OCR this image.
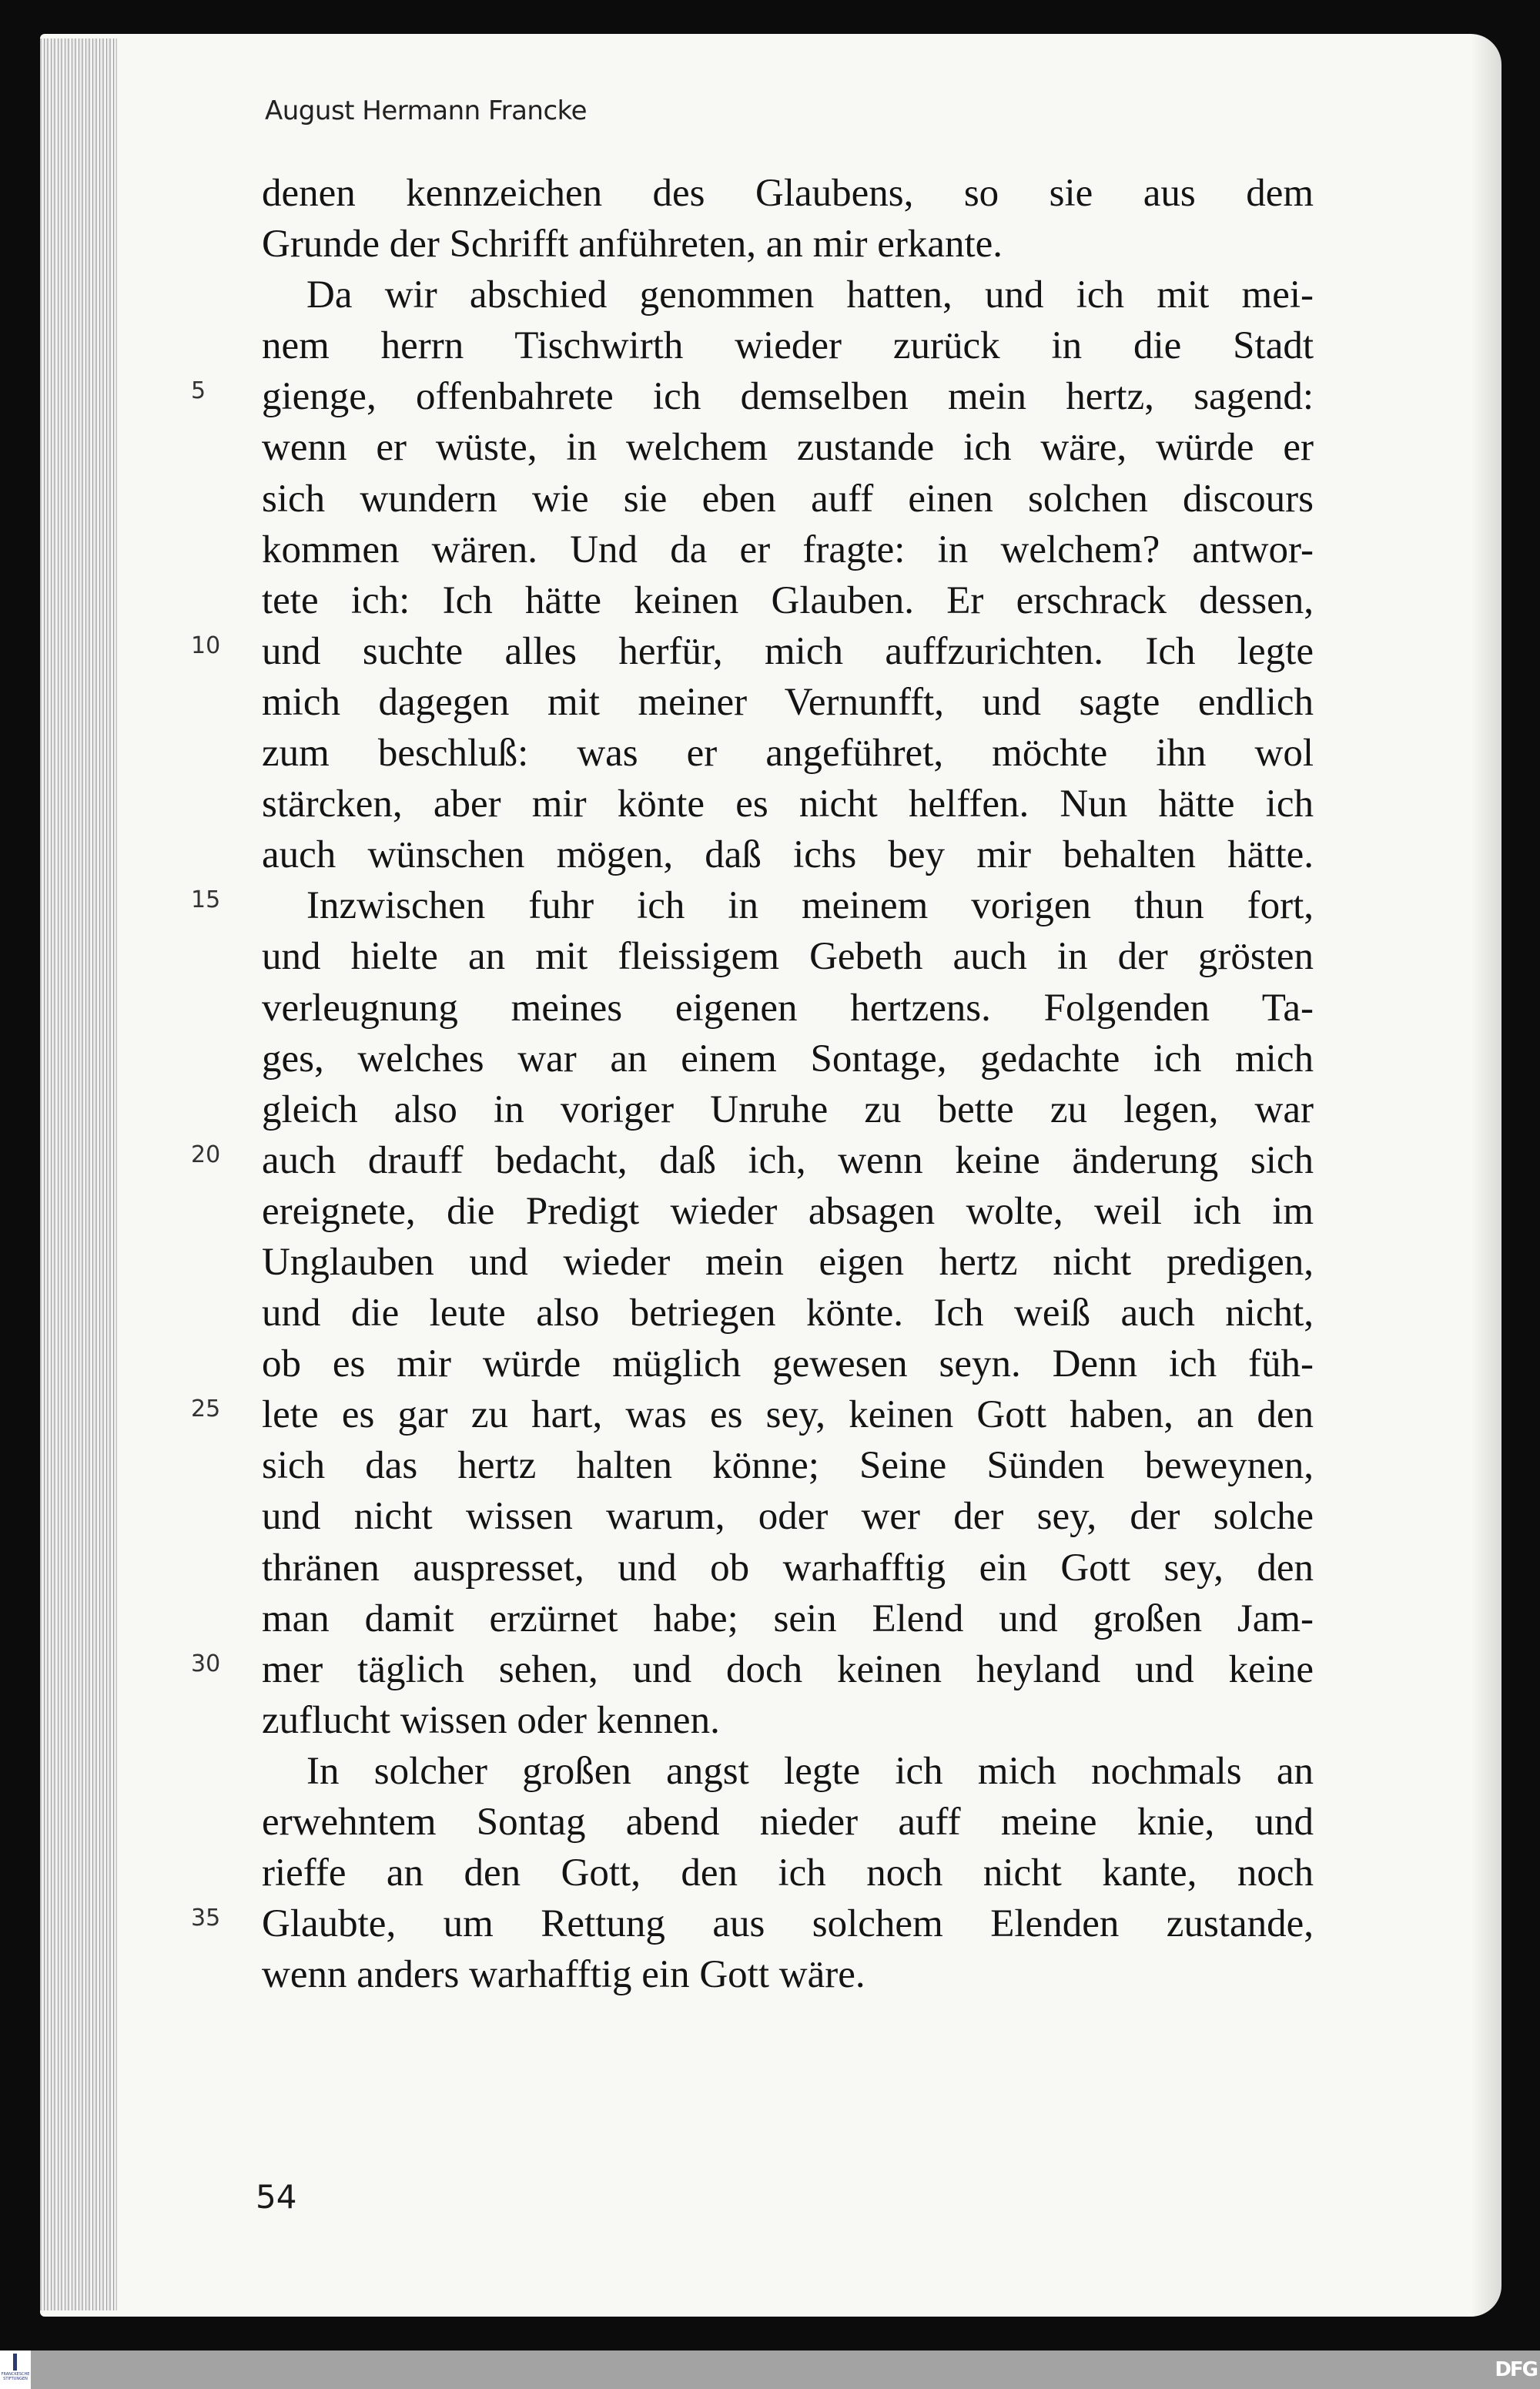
August Hermann Francke
denen kennzeichen des Glaubens, so sie aus dem
Grunde der Schrifft anführeten, an mir erkante.
Da wir abschied genommen hatten, und ich mit mei-
nem herrn Tischwirth wieder zurück in die Stadt
gienge, offenbahrete ich demselben mein hertz, sagend:
5
wenn er wüste, in welchem zustande ich wäre, würde er
sich wundern wie sie eben auff einen solchen discours
kommen wären. Und da er fragte: in welchem? antwor-
tete ich: Ich hätte keinen Glauben. Er erschrack dessen,
und suchte alles herfür, mich auffzurichten. Ich legte
10
mich dagegen mit meiner Vernunfft, und sagte endlich
zum beschluß: was er angeführet, möchte ihn wol
stärcken, aber mir könte es nicht helffen. Nun hätte ich
auch wünschen mögen, daß ichs bey mir behalten hätte.
Inzwischen fuhr ich in meinem vorigen thun fort,
15
und hielte an mit fleissigem Gebeth auch in der grösten
verleugnung meines eigenen hertzens. Folgenden Ta-
ges, welches war an einem Sontage, gedachte ich mich
gleich also in voriger Unruhe zu bette zu legen, war
auch drauff bedacht, daß ich, wenn keine änderung sich
20
ereignete, die Predigt wieder absagen wolte, weil ich im
Unglauben und wieder mein eigen hertz nicht predigen,
und die leute also betriegen könte. Ich weiß auch nicht,
ob es mir würde müglich gewesen seyn. Denn ich füh-
lete es gar zu hart, was es sey, keinen Gott haben, an den
25
sich das hertz halten könne; Seine Sünden beweynen,
und nicht wissen warum, oder wer der sey, der solche
thränen auspresset, und ob warhafftig ein Gott sey, den
man damit erzürnet habe; sein Elend und großen Jam-
mer täglich sehen, und doch keinen heyland und keine
30
zuflucht wissen oder kennen.
In solcher großen angst legte ich mich nochmals an
erwehntem Sontag abend nieder auff meine knie, und
rieffe an den Gott, den ich noch nicht kante, noch
Glaubte, um Rettung aus solchem Elenden zustande,
35
wenn anders warhafftig ein Gott wäre.
54
FRANCKESCHE STIFTUNGEN	DFG
